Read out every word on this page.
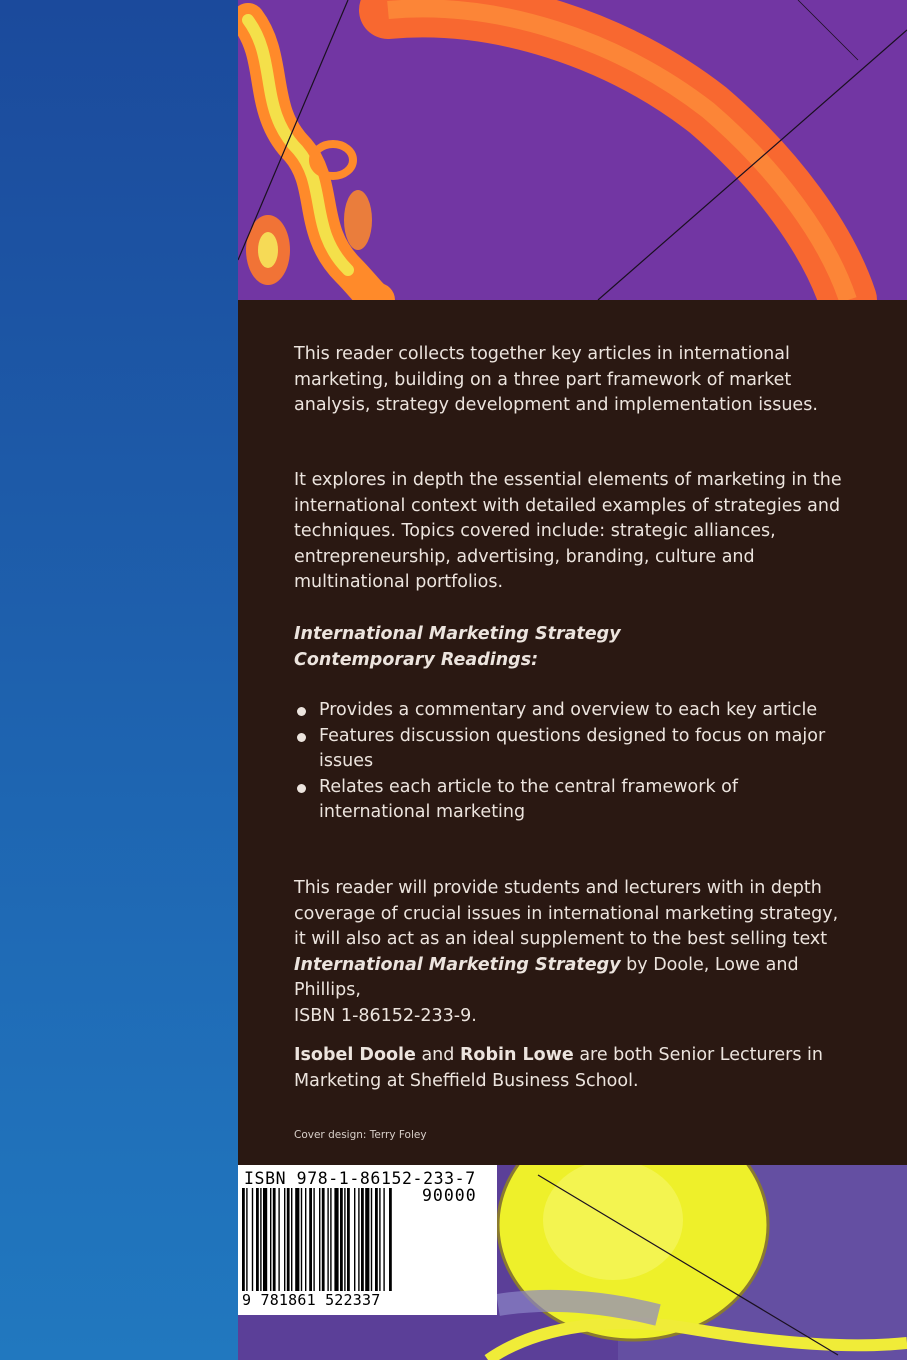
This reader collects together key articles in international marketing, building on a three part framework of market analysis, strategy development and implementation issues.

It explores in depth the essential elements of marketing in the international context with detailed examples of strategies and techniques. Topics covered include: strategic alliances, entrepreneurship, advertising, branding, culture and multinational portfolios.

International Marketing Strategy
Contemporary Readings:
Provides a commentary and overview to each key article
Features discussion questions designed to focus on major issues
Relates each article to the central framework of international marketing

This reader will provide students and lecturers with in depth coverage of crucial issues in international marketing strategy, it will also act as an ideal supplement to the best selling text International Marketing Strategy by Doole, Lowe and Phillips,
ISBN 1-86152-233-9.

Isobel Doole and Robin Lowe are both Senior Lecturers in Marketing at Sheffield Business School.

Cover design: Terry Foley
ISBN 978-1-86152-233-7
90000
9 781861 522337
